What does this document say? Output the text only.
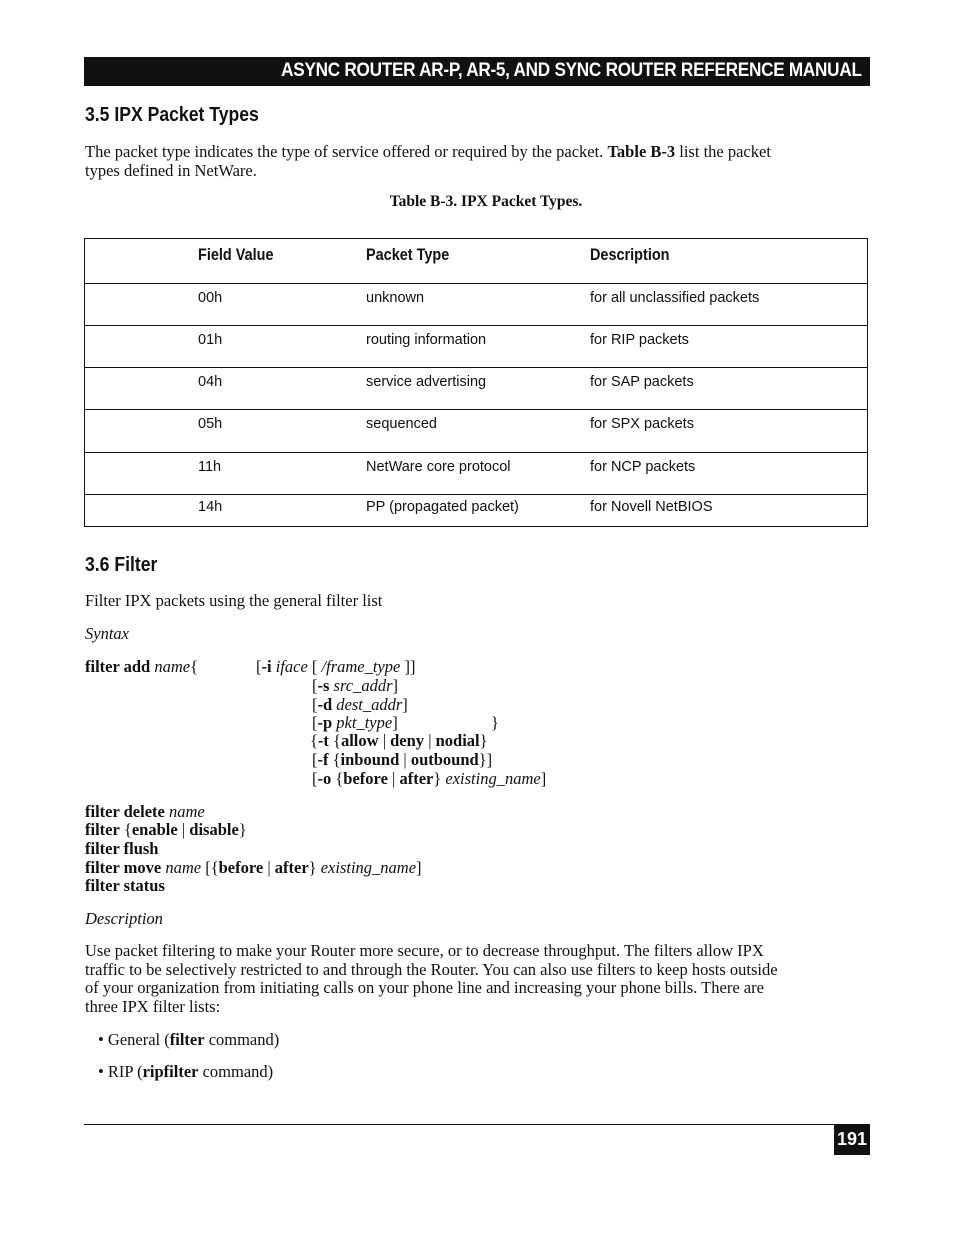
ASYNC ROUTER AR-P, AR-5, AND SYNC ROUTER REFERENCE MANUAL
3.5 IPX Packet Types
The packet type indicates the type of service offered or required by the packet. Table B-3 list the packet
types defined in NetWare.
Table B-3. IPX Packet Types.
Field Value	Packet Type	Description
00h	unknown	for all unclassified packets
01h	routing information	for RIP packets
04h	service advertising	for SAP packets
05h	sequenced	for SPX packets
11h	NetWare core protocol	for NCP packets
14h	PP (propagated packet)	for Novell NetBIOS
3.6 Filter
Filter IPX packets using the general filter list
Syntax
filter add name{	[-i iface [ /frame_type ]]
[-s src_addr]
[-d dest_addr]
[-p pkt_type]	}
{-t {allow | deny | nodial}
[-f {inbound | outbound}]
[-o {before | after} existing_name]
filter delete name
filter {enable | disable}
filter flush
filter move name [{before | after} existing_name]
filter status
Description
Use packet filtering to make your Router more secure, or to decrease throughput. The filters allow IPX
traffic to be selectively restricted to and through the Router. You can also use filters to keep hosts outside
of your organization from initiating calls on your phone line and increasing your phone bills. There are
three IPX filter lists:
• General (filter command)
• RIP (ripfilter command)
191
